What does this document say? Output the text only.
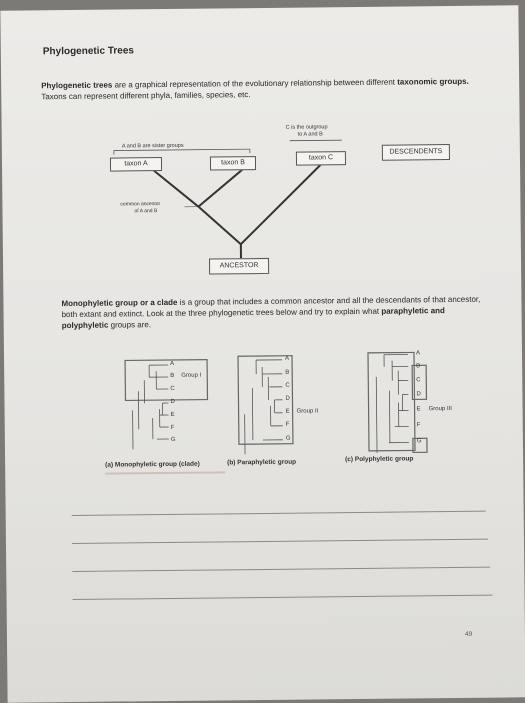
Phylogenetic Trees
Phylogenetic trees are a graphical representation of the evolutionary relationship between different taxonomic groups. Taxons can represent different phyla, families, species, etc.
A and B are sister groups
C is the outgroup
to A and B
taxon A	taxon B
taxon C
DESCENDENTS
common ancestor
of A and B
ANCESTOR
Monophyletic group or a clade is a group that includes a common ancestor and all the descendants of that ancestor, both extant and extinct. Look at the three phylogenetic trees below and try to explain what paraphyletic and polyphyletic groups are.
A
B
C
D
E
F
G
Group I
A
B
C
D
E
F
G
Group II
A
B
C
D
E
F
G
Group III
(a) Monophyletic group (clade)	(b) Paraphyletic group	(c) Polyphyletic group
49
